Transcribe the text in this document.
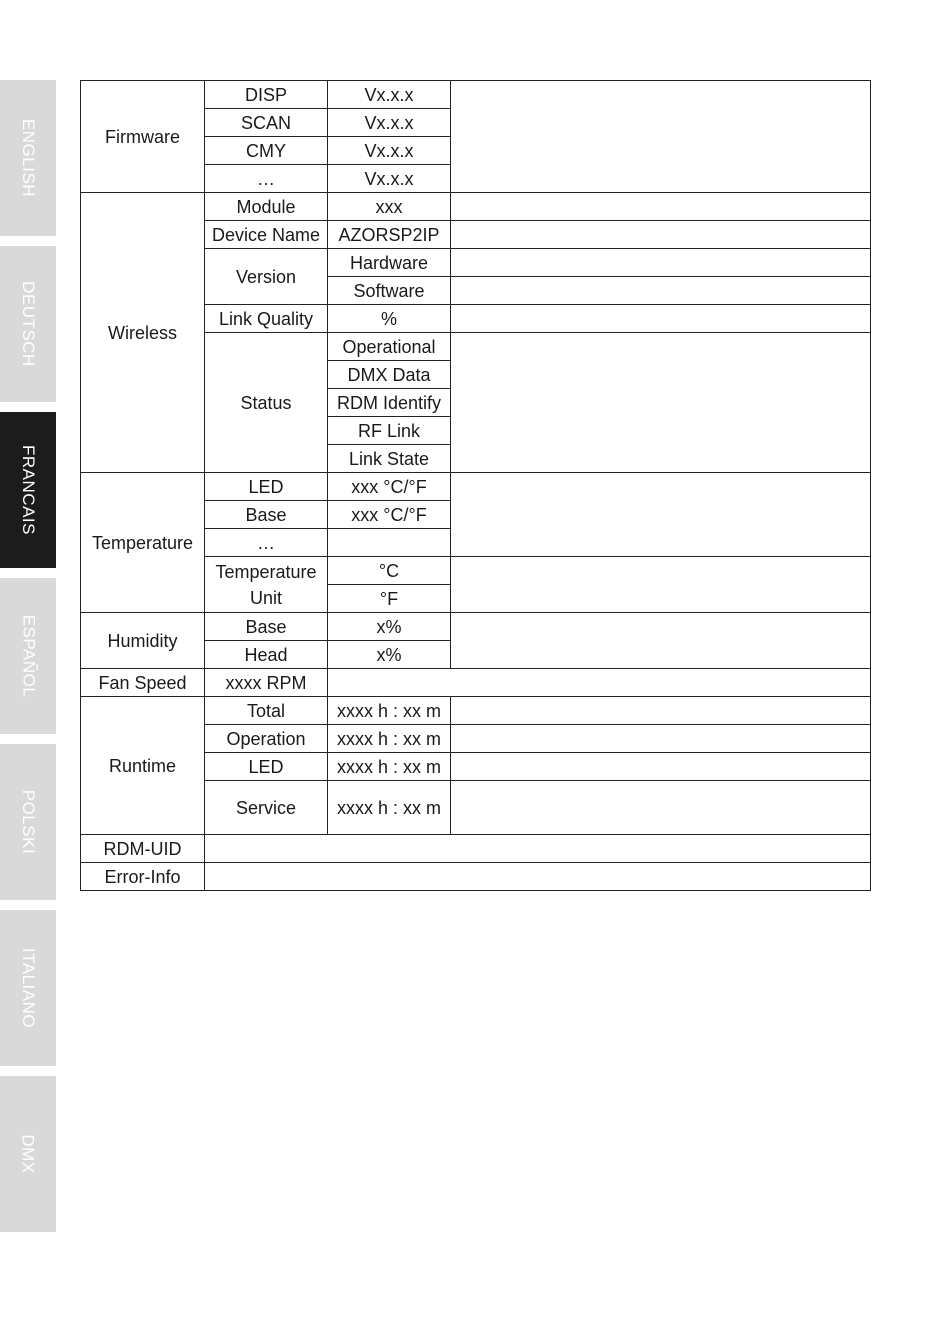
ENGLISH
DEUTSCH
FRANCAIS
ESPAÑOL
POLSKI
ITALIANO
DMX
Firmware	DISP	Vx.x.x	
	SCAN	Vx.x.x	
	CMY	Vx.x.x	
	…	Vx.x.x	
Wireless	Module	xxx	
	Device Name	AZORSP2IP	
	Version	Hardware	
		Software	
	Link Quality	%	
	Status	Operational	
		DMX Data	
		RDM Identify	
		RF Link	
		Link State	
Temperature	LED	xxx °C/°F	
	Base	xxx °C/°F	
	…		
	Temperature Unit	°C	
		°F	
Humidity	Base	x%	
	Head	x%	
Fan Speed	xxxx RPM		
Runtime	Total	xxxx h : xx m	
	Operation	xxxx h : xx m	
	LED	xxxx h : xx m	
	Service	xxxx h : xx m	
RDM-UID			
Error-Info			
